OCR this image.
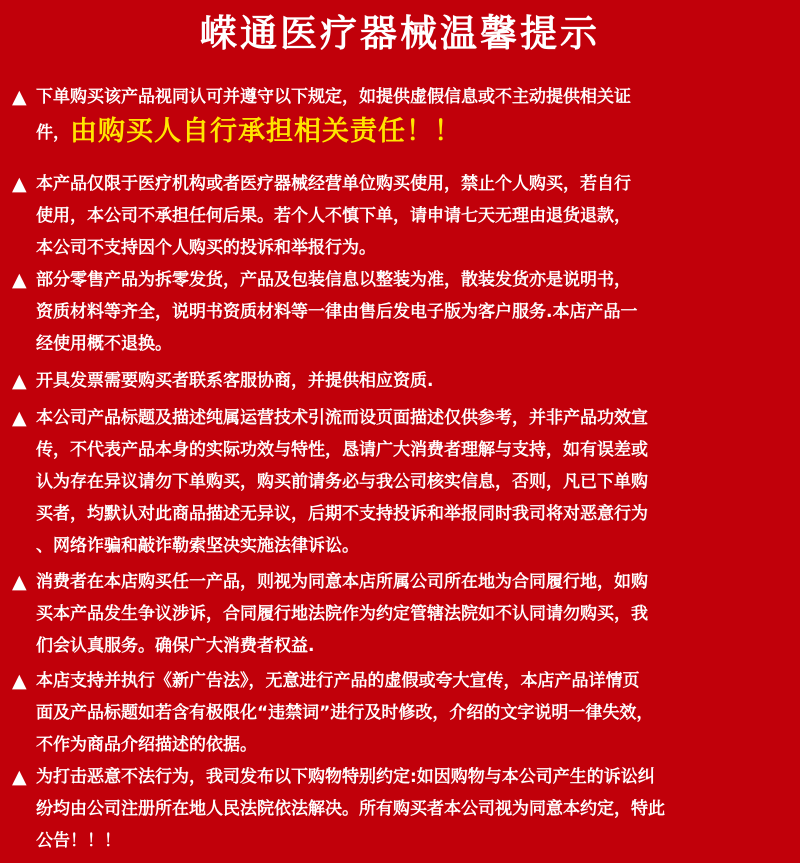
嵘通医疗器械温馨提示
▲ 下单购买该产品视同认可并遵守以下规定，如提供虚假信息或不主动提供相关证
件，由购买人自行承担相关责任！！
▲ 本产品仅限于医疗机构或者医疗器械经营单位购买使用，禁止个人购买，若自行
使用，本公司不承担任何后果。若个人不慎下单，请申请七天无理由退货退款，
本公司不支持因个人购买的投诉和举报行为。
▲ 部分零售产品为拆零发货，产品及包装信息以整装为准，散装发货亦是说明书，
资质材料等齐全，说明书资质材料等一律由售后发电子版为客户服务.本店产品一
经使用概不退换。
▲ 开具发票需要购买者联系客服协商，并提供相应资质.
▲ 本公司产品标题及描述纯属运营技术引流而设页面描述仅供参考，并非产品功效宣
传，不代表产品本身的实际功效与特性，恳请广大消费者理解与支持，如有误差或
认为存在异议请勿下单购买，购买前请务必与我公司核实信息，否则，凡已下单购
买者，均默认对此商品描述无异议，后期不支持投诉和举报同时我司将对恶意行为
、网络诈骗和敲诈勒索坚决实施法律诉讼。
▲ 消费者在本店购买任一产品，则视为同意本店所属公司所在地为合同履行地，如购
买本产品发生争议涉诉，合同履行地法院作为约定管辖法院如不认同请勿购买，我
们会认真服务。确保广大消费者权益.
▲ 本店支持并执行《新广告法》，无意进行产品的虚假或夸大宣传，本店产品详情页
面及产品标题如若含有极限化“违禁词”进行及时修改，介绍的文字说明一律失效，
不作为商品介绍描述的依据。
▲ 为打击恶意不法行为，我司发布以下购物特别约定:如因购物与本公司产生的诉讼纠
纷均由公司注册所在地人民法院依法解决。所有购买者本公司视为同意本约定，特此
公告！！！
